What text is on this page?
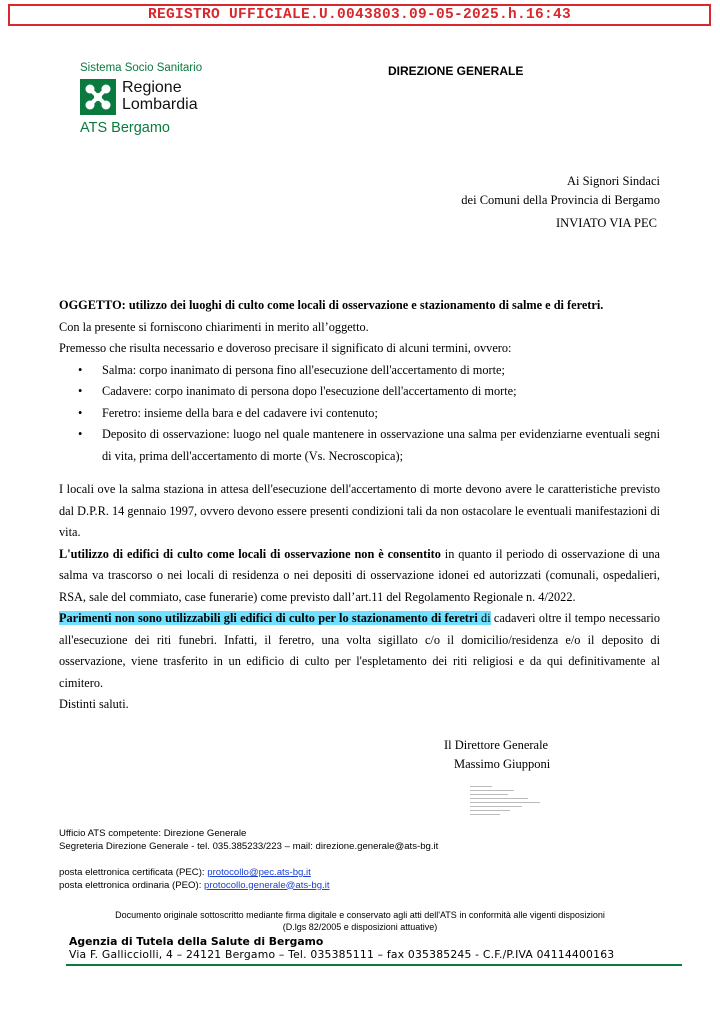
REGISTRO UFFICIALE.U.0043803.09-05-2025.h.16:43
Sistema Socio Sanitario
Regione
Lombardia
ATS Bergamo
DIREZIONE GENERALE
Ai Signori Sindaci
dei Comuni della Provincia di Bergamo
INVIATO VIA PEC

OGGETTO: utilizzo dei luoghi di culto come locali di osservazione e stazionamento di salme e di feretri.

Con la presente si forniscono chiarimenti in merito all’oggetto.

Premesso che risulta necessario e doveroso precisare il significato di alcuni termini, ovvero:

• Salma: corpo inanimato di persona fino all'esecuzione dell'accertamento di morte;
• Cadavere: corpo inanimato di persona dopo l'esecuzione dell'accertamento di morte;
• Feretro: insieme della bara e del cadavere ivi contenuto;
• Deposito di osservazione: luogo nel quale mantenere in osservazione una salma per evidenziarne eventuali segni di vita, prima dell'accertamento di morte (Vs. Necroscopica);

I locali ove la salma staziona in attesa dell'esecuzione dell'accertamento di morte devono avere le caratteristiche previsto dal D.P.R. 14 gennaio 1997, ovvero devono essere presenti condizioni tali da non ostacolare le eventuali manifestazioni di vita.

L'utilizzo di edifici di culto come locali di osservazione non è consentito in quanto il periodo di osservazione di una salma va trascorso o nei locali di residenza o nei depositi di osservazione idonei ed autorizzati (comunali, ospedalieri, RSA, sale del commiato, case funerarie) come previsto dall’art.11 del Regolamento Regionale n. 4/2022.

Parimenti non sono utilizzabili gli edifici di culto per lo stazionamento di feretri di cadaveri oltre il tempo necessario all'esecuzione dei riti funebri. Infatti, il feretro, una volta sigillato c/o il domicilio/residenza e/o il deposito di osservazione, viene trasferito in un edificio di culto per l'espletamento dei riti religiosi e da qui definitivamente al cimitero.

Distinti saluti.

Il Direttore Generale
Massimo Giupponi
Ufficio ATS competente: Direzione Generale
Segreteria Direzione Generale - tel. 035.385233/223 – mail: direzione.generale@ats-bg.it
posta elettronica certificata (PEC): protocollo@pec.ats-bg.it
posta elettronica ordinaria (PEO): protocollo.generale@ats-bg.it
Documento originale sottoscritto mediante firma digitale e conservato agli atti dell'ATS in conformità alle vigenti disposizioni
(D.lgs 82/2005 e disposizioni attuative)
Agenzia di Tutela della Salute di Bergamo
Via F. Gallicciolli, 4 – 24121 Bergamo – Tel. 035385111 – fax 035385245 - C.F./P.IVA 04114400163
